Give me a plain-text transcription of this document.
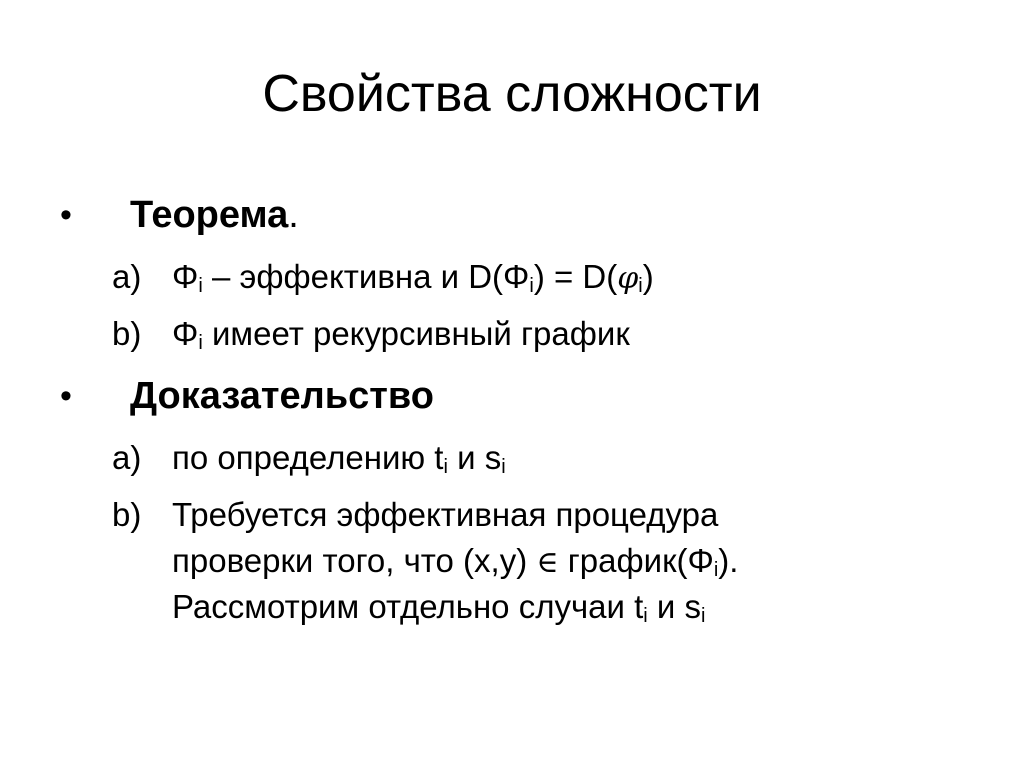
Свойства сложности
• Теорема.
a) $\Phi_i$ – эффективна и $D(\Phi_i) = D(\varphi_i)$
b) $\Phi_i$ имеет рекурсивный график
• Доказательство
a) по определению $t_i$ и $s_i$
b) Требуется эффективная процедура
проверки того, что (x,y) ∈ $график(\Phi_i)$.
Рассмотрим отдельно случаи $t_i$ и $s_i$
